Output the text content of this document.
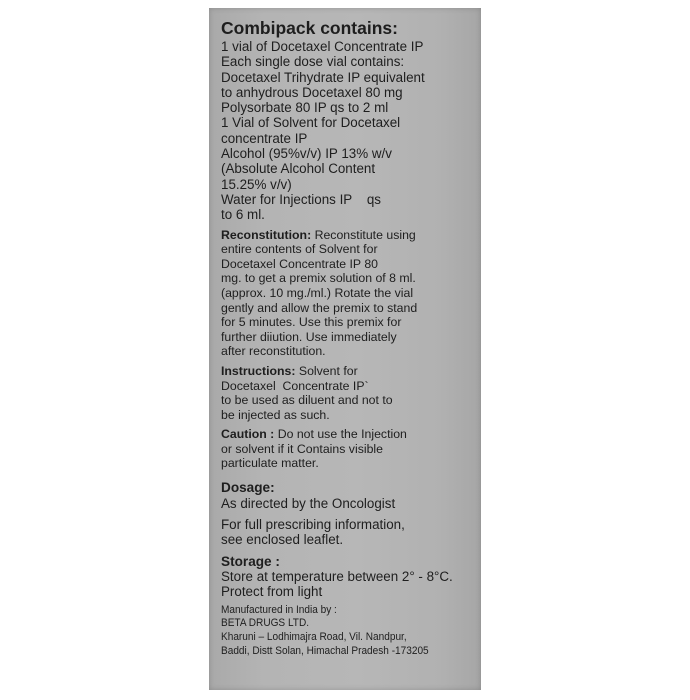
Combipack contains:
1 vial of Docetaxel Concentrate IP
Each single dose vial contains:
Docetaxel Trihydrate IP equivalent
to anhydrous Docetaxel 80 mg
Polysorbate 80 IP qs to 2 ml
1 Vial of Solvent for Docetaxel
concentrate IP
Alcohol (95%v/v) IP 13% w/v
(Absolute Alcohol Content
15.25% v/v)
Water for Injections IP    qs
to 6 ml.
Reconstitution: Reconstitute using
entire contents of Solvent for
Docetaxel Concentrate IP 80
mg. to get a premix solution of 8 ml.
(approx. 10 mg./ml.) Rotate the vial
gently and allow the premix to stand
for 5 minutes. Use this premix for
further diiution. Use immediately
after reconstitution.
Instructions: Solvent for
Docetaxel  Concentrate IP`
to be used as diluent and not to
be injected as such.
Caution : Do not use the Injection
or solvent if it Contains visible
particulate matter.
Dosage:
As directed by the Oncologist
For full prescribing information,
see enclosed leaflet.
Storage :
Store at temperature between 2° - 8°C.
Protect from light
Manufactured in India by :
BETA DRUGS LTD.
Kharuni – Lodhimajra Road, Vil. Nandpur,
Baddi, Distt Solan, Himachal Pradesh -173205
